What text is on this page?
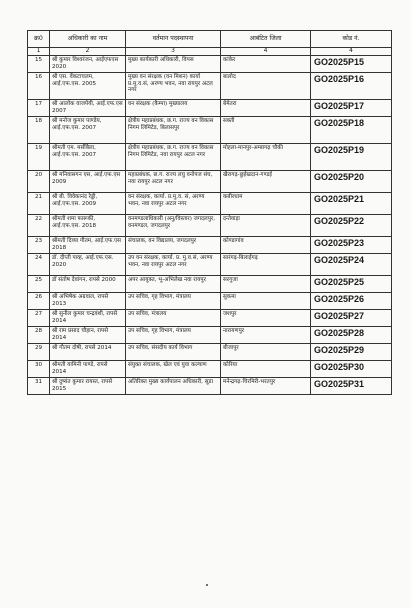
क्र0	अधिकारी का नाम	वर्तमान पदस्थापना	आबंटित जिला	कोड नं.
1	2	3	4	4
15	श्री कुमार विश्वरंजन, आईएफएस 2020	मुख्य कार्यकारी अधिकारी, विपस	कांकेर	GO2025P15
16	श्री एस. वेंकटाचलम, आई.एफ.एस. 2005	मुख्य वन संरक्षक (वन मिशन) कार्या प्र.मु.व.सं, अरण्य भवन, नवा रायपुर अटल नगर	बालोद	GO2025P16
17	श्री आलोक वाजपेयी, आई.एफ.एस 2007	वन संरक्षक (कैम्पा) मुख्यालय	बेमेतरा	GO2025P17
18	श्री मनोज कुमार पाण्डेय, आई.एफ.एस. 2007	क्षेत्रीय महाप्रबंधक, छ.ग. राज्य वन विकास निगम लिमिटेड, बिलासपुर	सक्ती	GO2025P18
19	श्रीमती एम. मर्सीबैला, आई.एफ.एस. 2007	क्षेत्रीय महाप्रबंधक, छ.ग. राज्य वन विकास निगम लिमिटेड, नवा रायपुर अटल नगर	मोहला-मानपुर-अम्बागढ़ चौकी	GO2025P19
20	श्री मनिवासगन एस, आई.एफ.एस 2009	महाप्रबंधक, छ.ग. राज्य लघु वनोपज संघ, नवा रायपुर अटल नगर	खैरागढ़-छुईखदान-गण्डई	GO2025P20
21	श्री बी. विवेकानंद रेड्डी, आई.एफ.एस. 2009	वन संरक्षक, कार्या. प्र.मु.व. सं, अरण्य भवन, नवा रायपुर अटल नगर	कबीरधाम	GO2025P21
22	श्रीमती शमा फारूकी, आई.एफ.एस. 2018	वनमण्डलाधिकारी (अनु/विस्तार) जगदलपुर, वनमण्डल, जगदलपुर	दन्तेवाड़ा	GO2025P22
23	श्रीमती दिव्या गौतम, आई.एफ.एस 2018	संचालक, वन विद्यालय, जगदलपुर	कोण्डागांव	GO2025P23
24	डॉ. दीप्ती पाव्ह, आई.एफ.एस. 2020	उप वन संरक्षक, कार्या. प्र. मु.व.सं, अरण्य भवन, नवा रायपुर अटल नगर	सारंगढ़-बिलाईगढ़	GO2025P24
25	डॉ संतोष देवांगन, रापसे 2000	अपर आयुक्त, भू-अभिलेख नवा रायपुर	सरगुजा	GO2025P25
26	श्री अभिषेक अग्रवाल, रापसे 2013	उप सचिव, गृह विभाग, मंत्रालय	सुकमा	GO2025P26
27	श्री सुनील कुमार चन्द्रवंशी, रापसे 2014	उप सचिव, मंत्रालय	जशपुर	GO2025P27
28	श्री राम प्रसाद चौहान, रापसे 2014	उप सचिव, गृह विभाग, मंत्रालय	नारायणपुर	GO2025P28
29	श्री गौतम दोषी, रापसे 2014	उप सचिव, संसदीय कार्य विभाग	बीजापुर	GO2025P29
30	श्रीमती यामिनी पाण्डे, रापसे 2014	संयुक्त संचालक, खेल एवं युवा कल्याण	कोरिया	GO2025P30
31	श्री दुष्यंत कुमार रायस्त, रापसे 2015	अतिरिक्त मुख्य कार्यपालन अधिकारी, सूडा	मनेन्द्रगढ़-चिरमिरी-भरतपुर	GO2025P31
